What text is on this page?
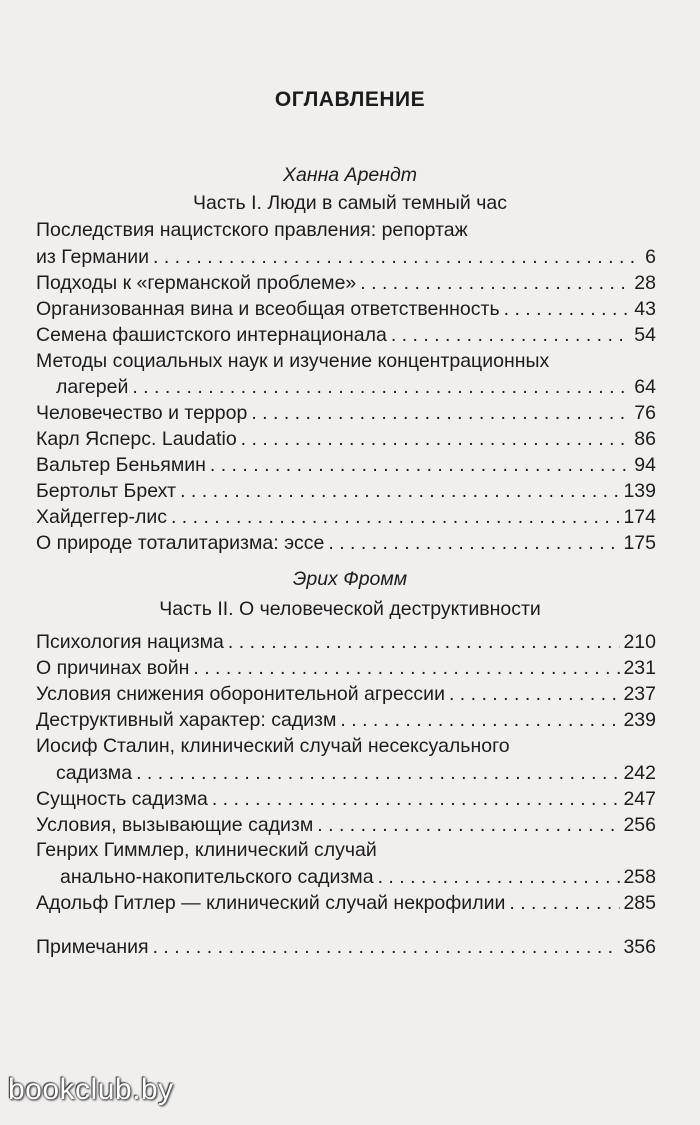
ОГЛАВЛЕНИЕ
Ханна Арендт
Часть I. Люди в самый темный час
Последствия нацистского правления: репортаж
из Германии . . .	6
Подходы к «германской проблеме» . . .	28
Организованная вина и всеобщая ответственность . . .	43
Семена фашистского интернационала . . .	54
Методы социальных наук и изучение концентрационных
лагерей . . .	64
Человечество и террор . . .	76
Карл Ясперс. Laudatio . . .	86
Вальтер Беньямин . . .	94
Бертольт Брехт . . .	139
Хайдеггер-лис . . .	174
О природе тоталитаризма: эссе . . .	175
Эрих Фромм
Часть II. О человеческой деструктивности
Психология нацизма . . .	210
О причинах войн . . .	231
Условия снижения оборонительной агрессии . . .	237
Деструктивный характер: садизм . . .	239
Иосиф Сталин, клинический случай несексуального
садизма . . .	242
Сущность садизма . . .	247
Условия, вызывающие садизм . . .	256
Генрих Гиммлер, клинический случай
анально-накопительского садизма . . .	258
Адольф Гитлер — клинический случай некрофилии . . .	285
Примечания . . .	356
bookclub.by
